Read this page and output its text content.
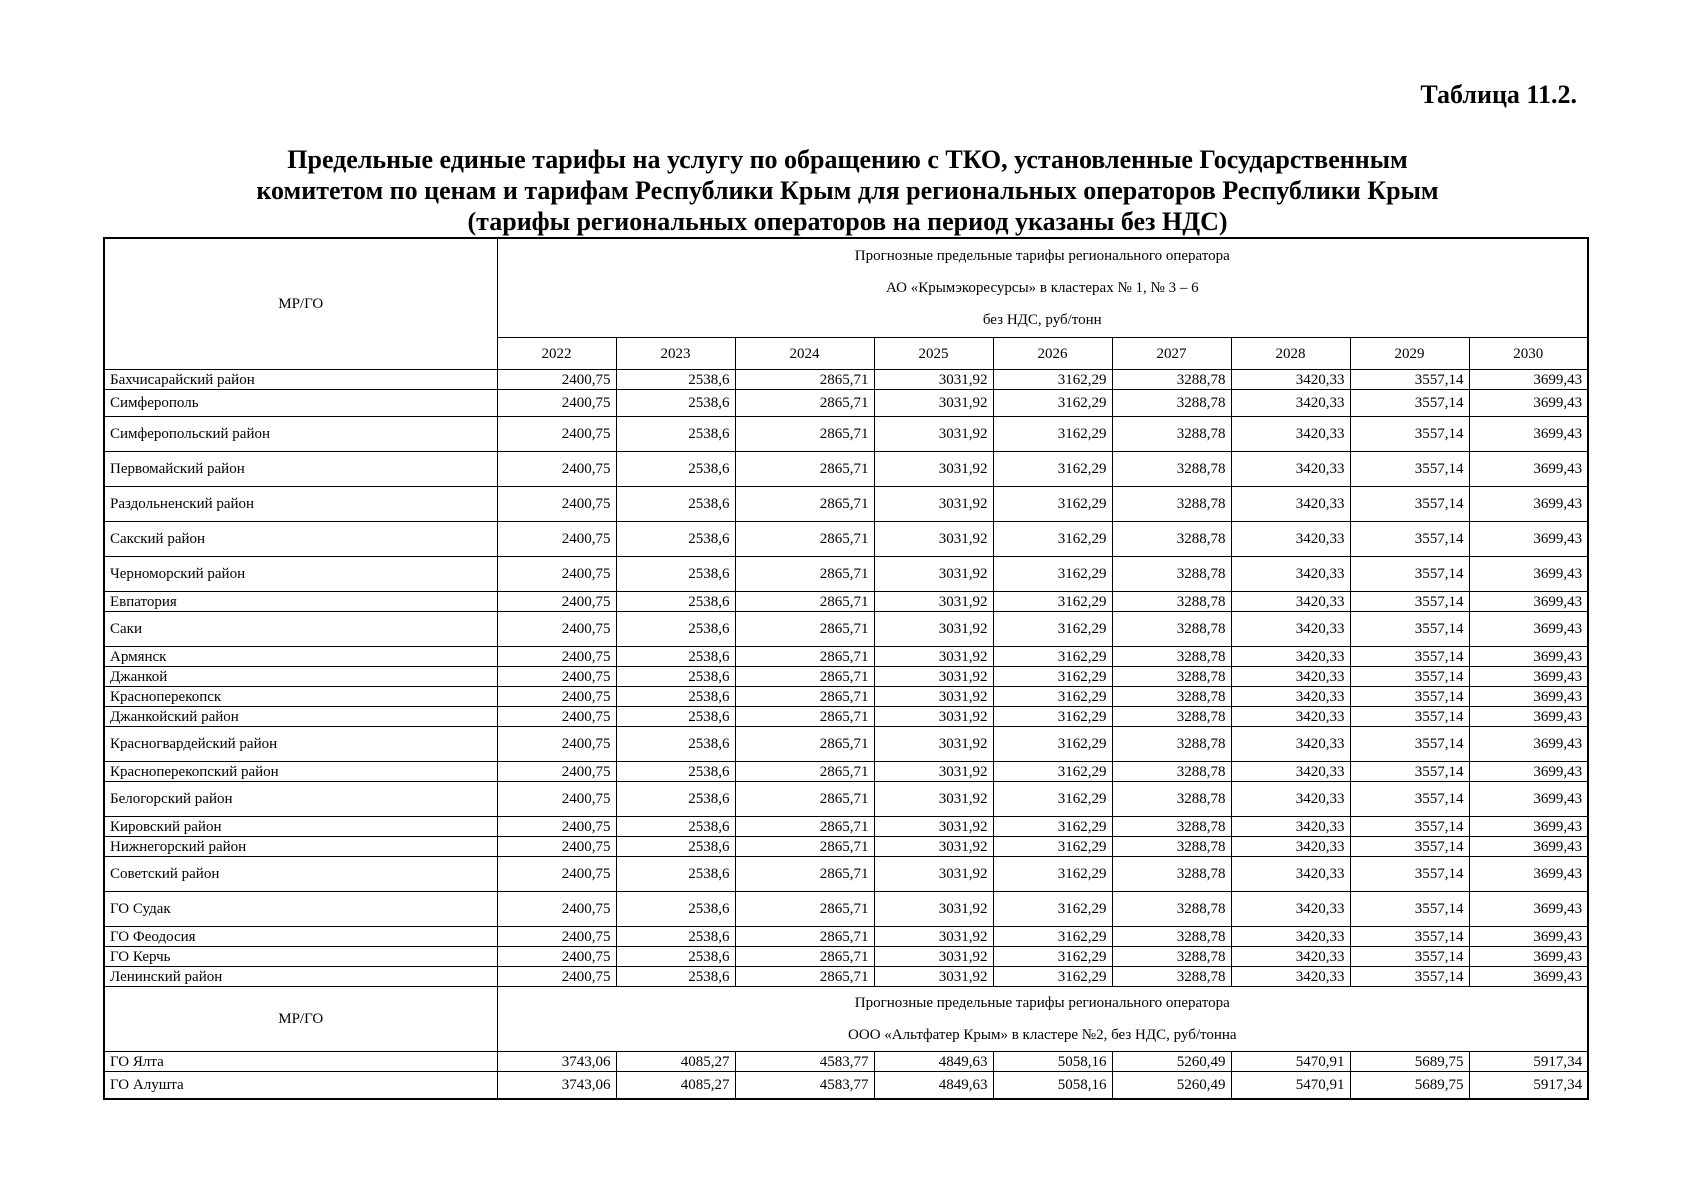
Таблица 11.2.
Предельные единые тарифы на услугу по обращению с ТКО, установленные Государственным
комитетом по ценам и тарифам Республики Крым для региональных операторов Республики Крым
(тарифы региональных операторов на период указаны без НДС)
МР/ГО	Прогнозные предельные тарифы регионального оператора
АО «Крымэкоресурсы» в кластерах № 1, № 3 – 6
без НДС, руб/тонн								

	2022	2023	2024	2025	2026	2027	2028	2029	2030
Бахчисарайский район	2400,75	2538,6	2865,71	3031,92	3162,29	3288,78	3420,33	3557,14	3699,43
Симферополь	2400,75	2538,6	2865,71	3031,92	3162,29	3288,78	3420,33	3557,14	3699,43
Симферопольский район	2400,75	2538,6	2865,71	3031,92	3162,29	3288,78	3420,33	3557,14	3699,43
Первомайский район	2400,75	2538,6	2865,71	3031,92	3162,29	3288,78	3420,33	3557,14	3699,43
Раздольненский район	2400,75	2538,6	2865,71	3031,92	3162,29	3288,78	3420,33	3557,14	3699,43
Сакский район	2400,75	2538,6	2865,71	3031,92	3162,29	3288,78	3420,33	3557,14	3699,43
Черноморский район	2400,75	2538,6	2865,71	3031,92	3162,29	3288,78	3420,33	3557,14	3699,43
Евпатория	2400,75	2538,6	2865,71	3031,92	3162,29	3288,78	3420,33	3557,14	3699,43
Саки	2400,75	2538,6	2865,71	3031,92	3162,29	3288,78	3420,33	3557,14	3699,43
Армянск	2400,75	2538,6	2865,71	3031,92	3162,29	3288,78	3420,33	3557,14	3699,43
Джанкой	2400,75	2538,6	2865,71	3031,92	3162,29	3288,78	3420,33	3557,14	3699,43
Красноперекопск	2400,75	2538,6	2865,71	3031,92	3162,29	3288,78	3420,33	3557,14	3699,43
Джанкойский район	2400,75	2538,6	2865,71	3031,92	3162,29	3288,78	3420,33	3557,14	3699,43
Красногвардейский район	2400,75	2538,6	2865,71	3031,92	3162,29	3288,78	3420,33	3557,14	3699,43
Красноперекопский район	2400,75	2538,6	2865,71	3031,92	3162,29	3288,78	3420,33	3557,14	3699,43
Белогорский район	2400,75	2538,6	2865,71	3031,92	3162,29	3288,78	3420,33	3557,14	3699,43
Кировский район	2400,75	2538,6	2865,71	3031,92	3162,29	3288,78	3420,33	3557,14	3699,43
Нижнегорский район	2400,75	2538,6	2865,71	3031,92	3162,29	3288,78	3420,33	3557,14	3699,43
Советский район	2400,75	2538,6	2865,71	3031,92	3162,29	3288,78	3420,33	3557,14	3699,43
ГО Судак	2400,75	2538,6	2865,71	3031,92	3162,29	3288,78	3420,33	3557,14	3699,43
ГО Феодосия	2400,75	2538,6	2865,71	3031,92	3162,29	3288,78	3420,33	3557,14	3699,43
ГО Керчь	2400,75	2538,6	2865,71	3031,92	3162,29	3288,78	3420,33	3557,14	3699,43
Ленинский район	2400,75	2538,6	2865,71	3031,92	3162,29	3288,78	3420,33	3557,14	3699,43
МР/ГО	Прогнозные предельные тарифы регионального оператора
ООО «Альтфатер Крым» в кластере №2, без НДС, руб/тонна								

ГО Ялта	3743,06	4085,27	4583,77	4849,63	5058,16	5260,49	5470,91	5689,75	5917,34
ГО Алушта	3743,06	4085,27	4583,77	4849,63	5058,16	5260,49	5470,91	5689,75	5917,34
